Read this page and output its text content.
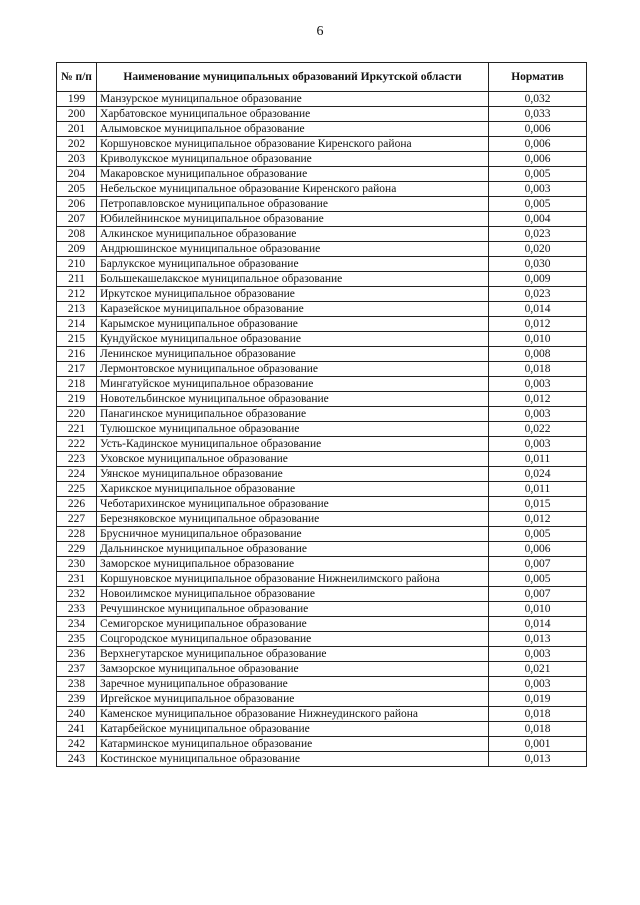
6
№ п/п	Наименование муниципальных образований Иркутской области	Норматив
199	Манзурское муниципальное образование	0,032
200	Харбатовское муниципальное образование	0,033
201	Алымовское муниципальное образование	0,006
202	Коршуновское муниципальное образование Киренского района	0,006
203	Криволукское муниципальное образование	0,006
204	Макаровское муниципальное образование	0,005
205	Небельское муниципальное образование Киренского района	0,003
206	Петропавловское муниципальное образование	0,005
207	Юбилейнинское муниципальное образование	0,004
208	Алкинское муниципальное образование	0,023
209	Андрюшинское муниципальное образование	0,020
210	Барлукское муниципальное образование	0,030
211	Большекашелакское муниципальное образование	0,009
212	Иркутское муниципальное образование	0,023
213	Каразейское муниципальное образование	0,014
214	Карымское муниципальное образование	0,012
215	Кундуйское муниципальное образование	0,010
216	Ленинское муниципальное образование	0,008
217	Лермонтовское муниципальное образование	0,018
218	Мингатуйское муниципальное образование	0,003
219	Новотельбинское муниципальное образование	0,012
220	Панагинское муниципальное образование	0,003
221	Тулюшское муниципальное образование	0,022
222	Усть-Кадинское муниципальное образование	0,003
223	Уховское муниципальное образование	0,011
224	Уянское муниципальное образование	0,024
225	Харикское муниципальное образование	0,011
226	Чеботарихинское муниципальное образование	0,015
227	Березняковское муниципальное образование	0,012
228	Брусничное муниципальное образование	0,005
229	Дальнинское муниципальное образование	0,006
230	Заморское муниципальное образование	0,007
231	Коршуновское муниципальное образование Нижнеилимского района	0,005
232	Новоилимское муниципальное образование	0,007
233	Речушинское муниципальное образование	0,010
234	Семигорское муниципальное образование	0,014
235	Соцгородское муниципальное образование	0,013
236	Верхнегутарское муниципальное образование	0,003
237	Замзорское муниципальное образование	0,021
238	Заречное муниципальное образование	0,003
239	Иргейское муниципальное образование	0,019
240	Каменское муниципальное образование Нижнеудинского района	0,018
241	Катарбейское муниципальное образование	0,018
242	Катарминское муниципальное образование	0,001
243	Костинское муниципальное образование	0,013
